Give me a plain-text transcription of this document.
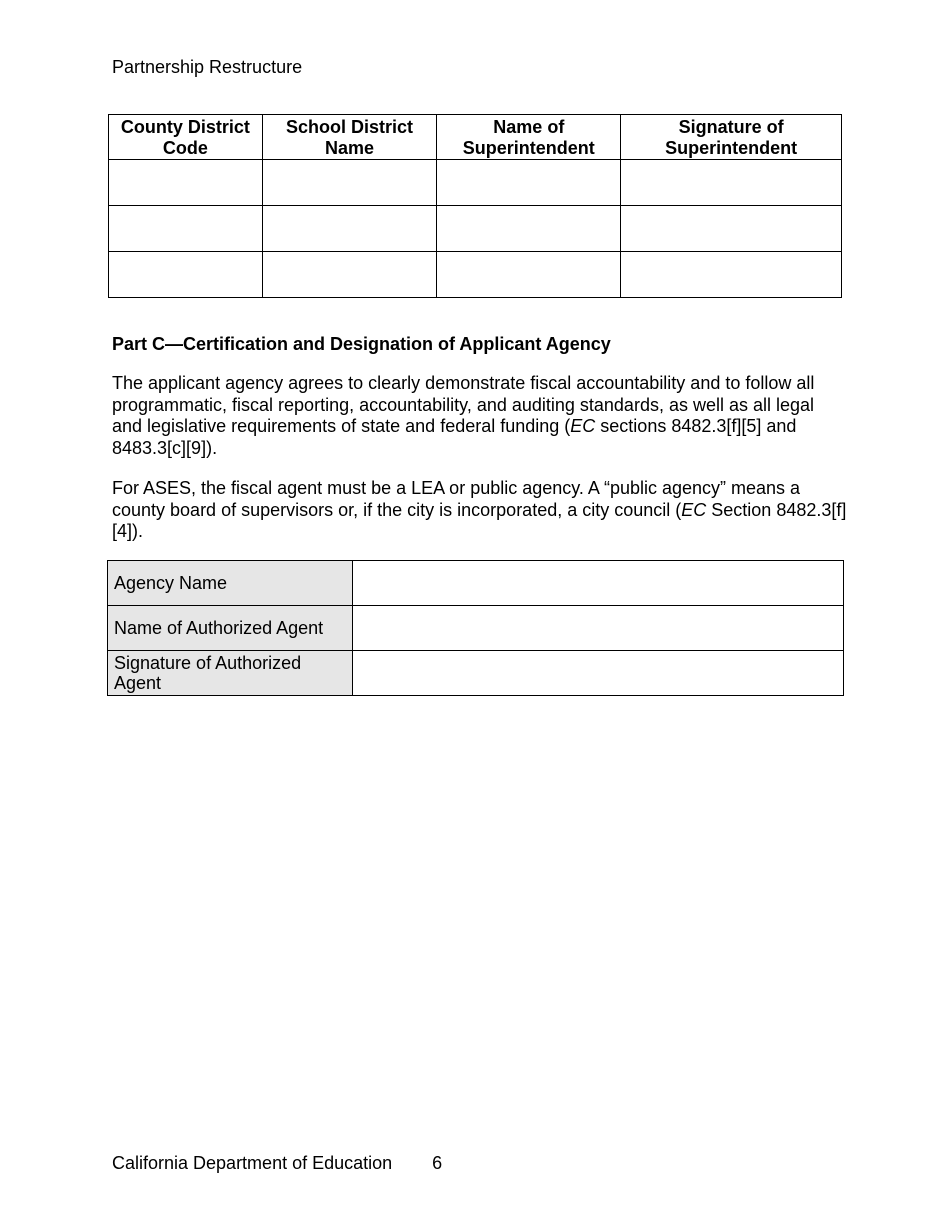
Partnership Restructure
County District Code	School District Name	Name of Superintendent	Signature of Superintendent

Part C—Certification and Designation of Applicant Agency

The applicant agency agrees to clearly demonstrate fiscal accountability and to follow all programmatic, fiscal reporting, accountability, and auditing standards, as well as all legal and legislative requirements of state and federal funding (EC sections 8482.3[f][5] and 8483.3[c][9]).

For ASES, the fiscal agent must be a LEA or public agency. A “public agency” means a county board of supervisors or, if the city is incorporated, a city council (EC Section 8482.3[f][4]).

Agency Name	
Name of Authorized Agent	
Signature of Authorized Agent	
California Department of Education 6
